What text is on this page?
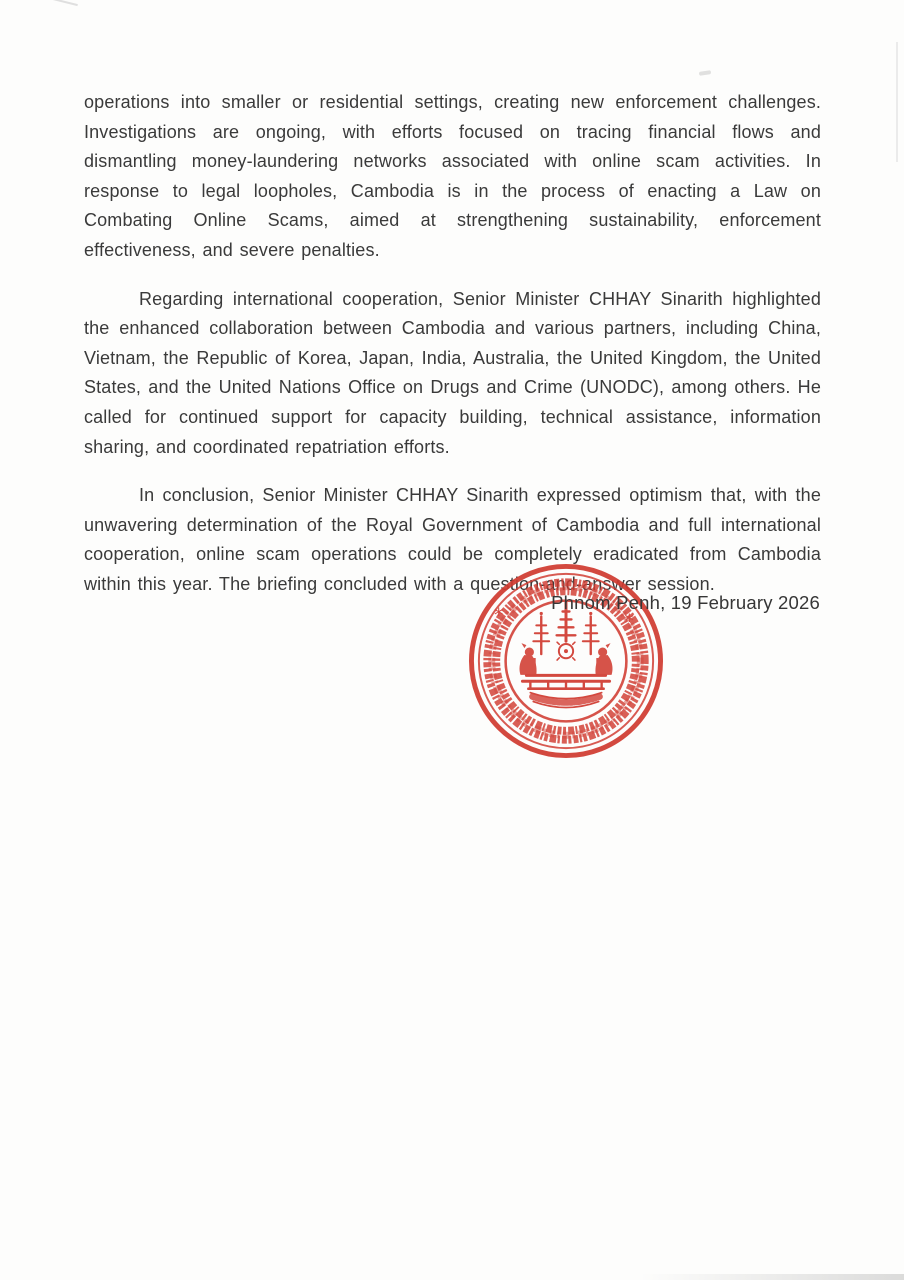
operations into smaller or residential settings, creating new enforcement challenges. Investigations are ongoing, with efforts focused on tracing financial flows and dismantling money-laundering networks associated with online scam activities. In response to legal loopholes, Cambodia is in the process of enacting a Law on Combating Online Scams, aimed at strengthening sustainability, enforcement effectiveness, and severe penalties.

Regarding international cooperation, Senior Minister CHHAY Sinarith highlighted the enhanced collaboration between Cambodia and various partners, including China, Vietnam, the Republic of Korea, Japan, India, Australia, the United Kingdom, the United States, and the United Nations Office on Drugs and Crime (UNODC), among others. He called for continued support for capacity building, technical assistance, information sharing, and coordinated repatriation efforts.

In conclusion, Senior Minister CHHAY Sinarith expressed optimism that, with the unwavering determination of the Royal Government of Cambodia and full international cooperation, online scam operations could be completely eradicated from Cambodia within this year. The briefing concluded with a question-and-answer session.

Phnom Penh, 19 February 2026
*	*
